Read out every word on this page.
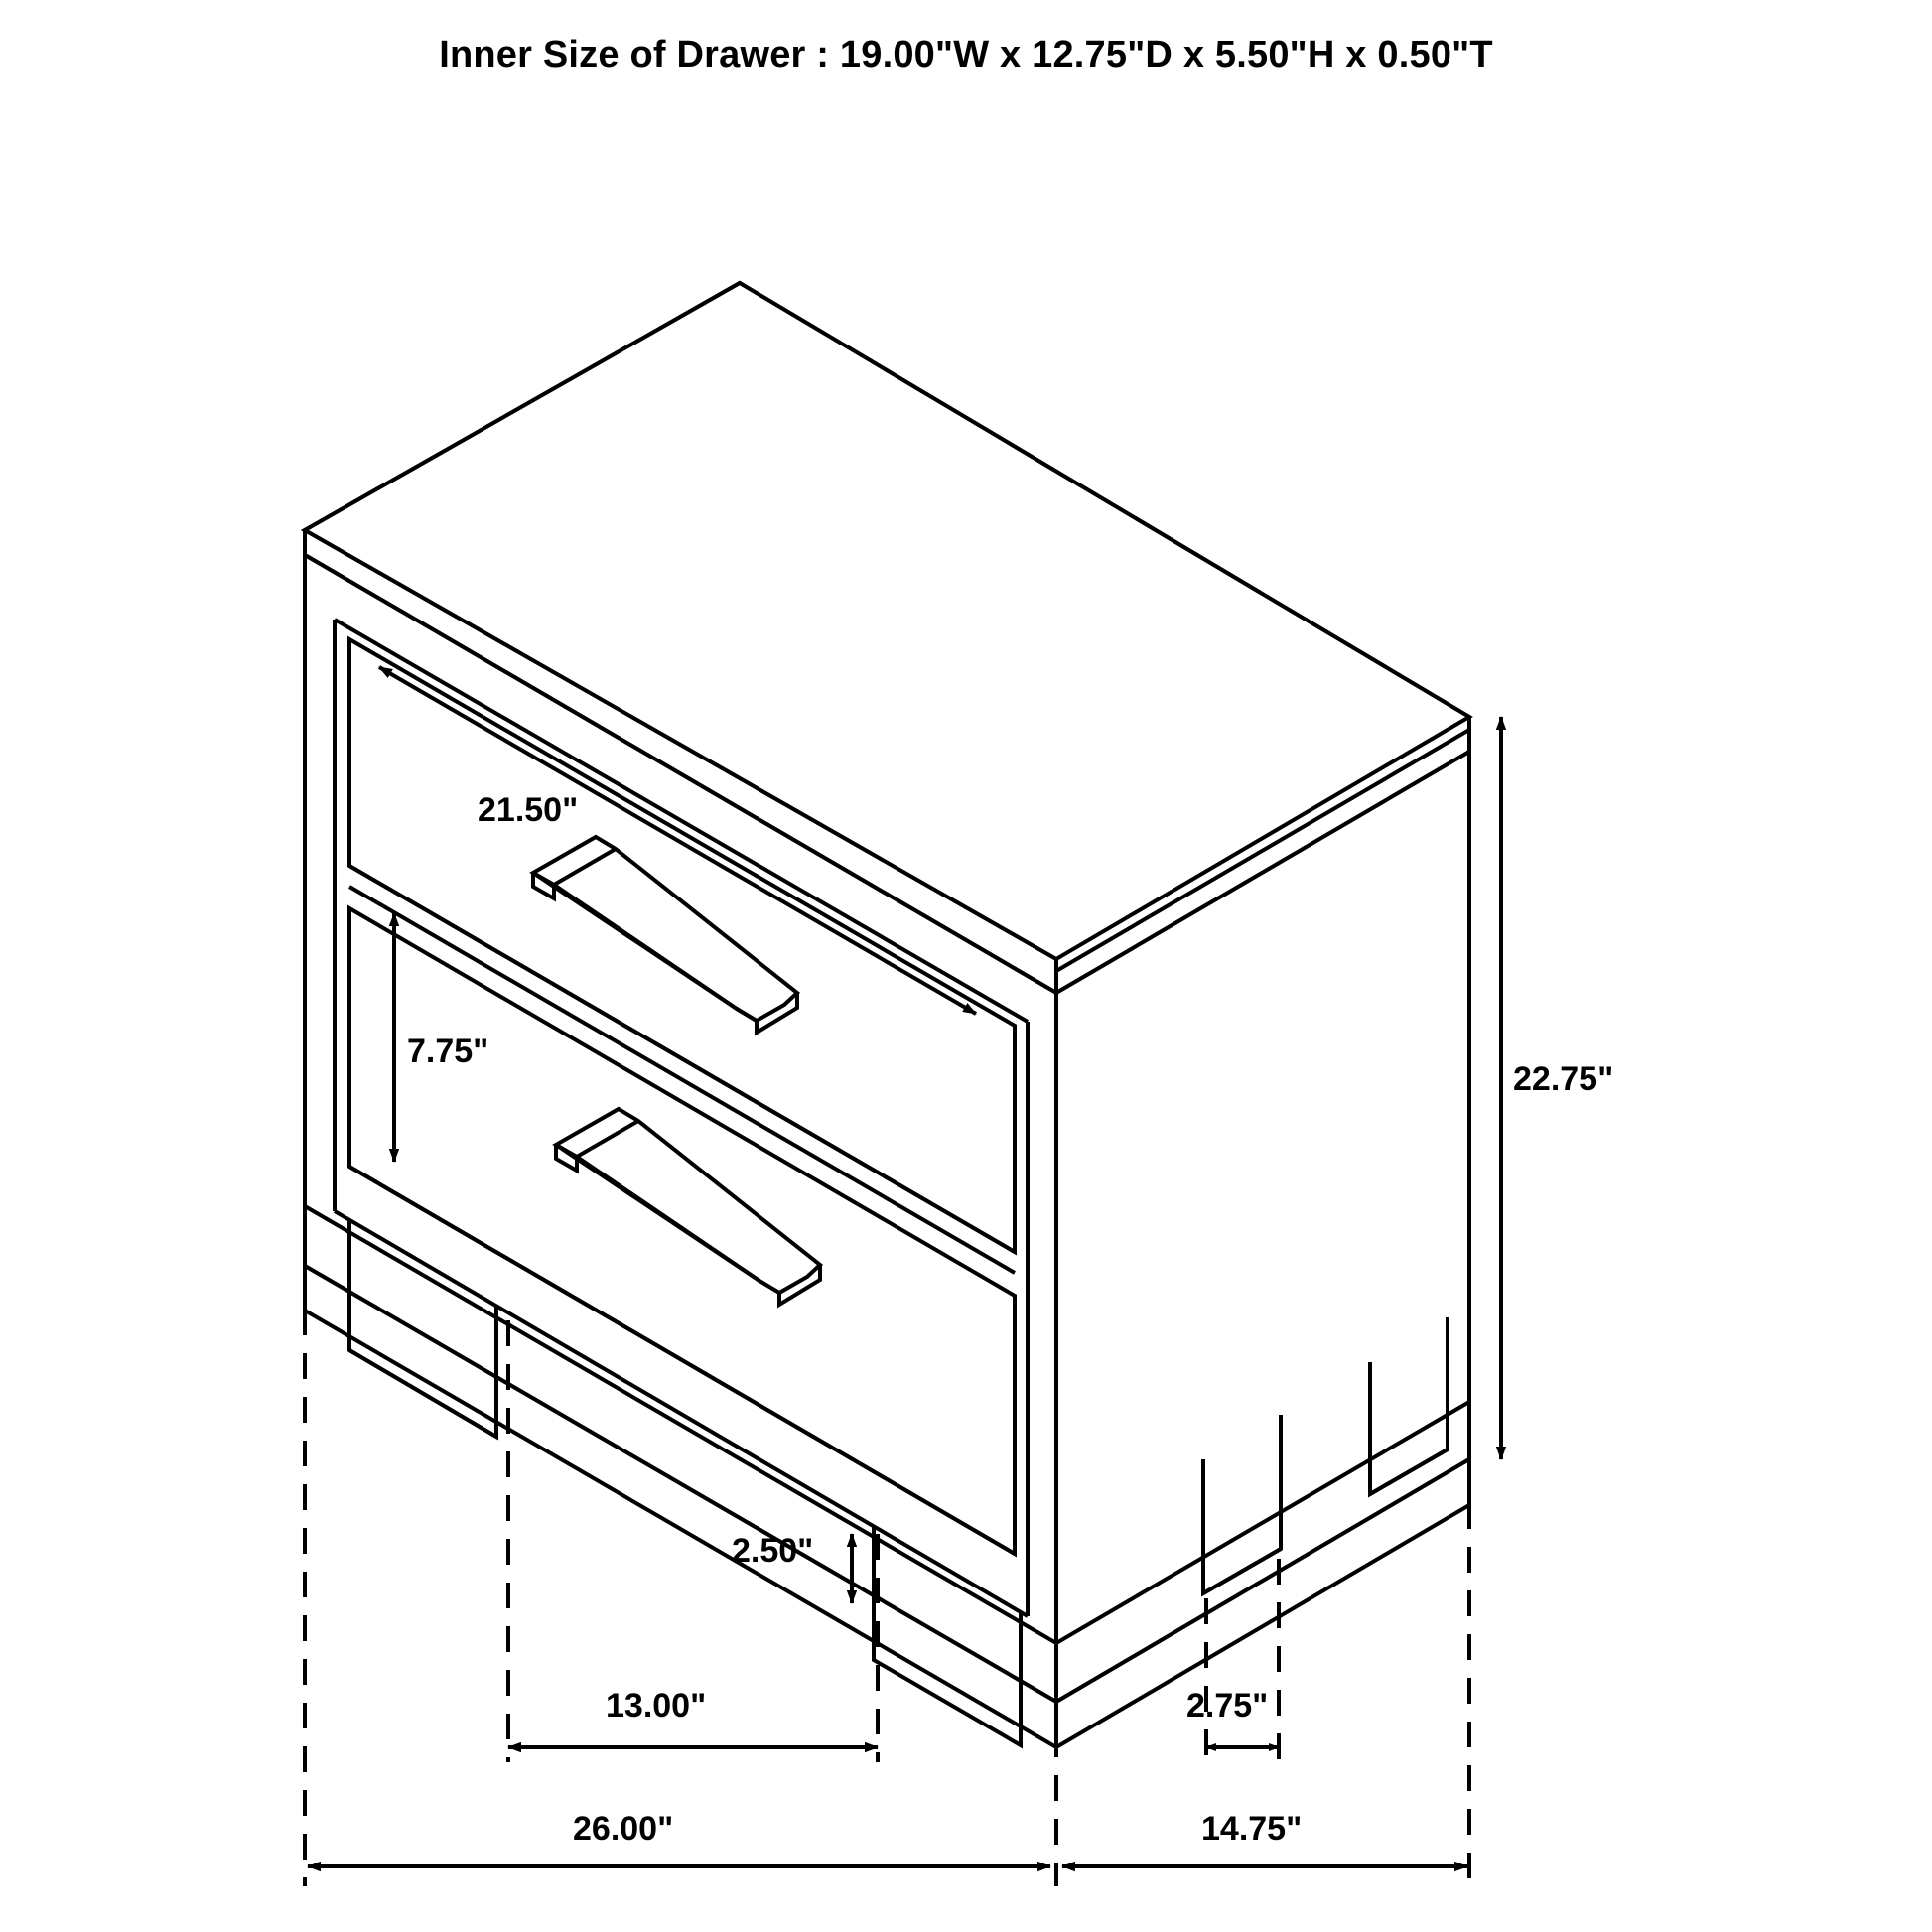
Inner Size of Drawer : 19.00"W x 12.75"D x 5.50"H x 0.50"T
21.50"
7.75"
22.75"
2.50"
13.00"	2.75"
26.00"	14.75"
